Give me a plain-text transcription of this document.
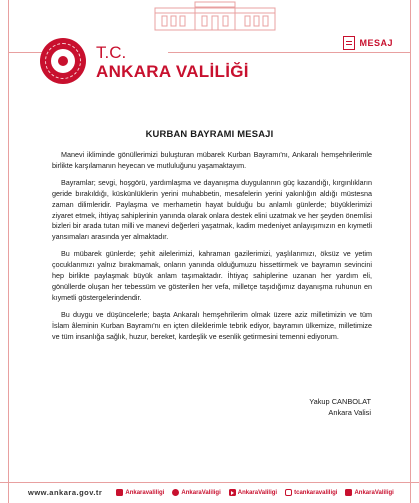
MESAJ
T.C.
ANKARA VALİLİĞİ
KURBAN BAYRAMI MESAJI

Manevi ikliminde gönüllerimizi buluşturan mübarek Kurban Bayramı'nı, Ankaralı hemşehrilerimle birlikte karşılamanın heyecan ve mutluluğunu yaşamaktayım.

Bayramlar; sevgi, hoşgörü, yardımlaşma ve dayanışma duygularının güç kazandığı, kırgınlıkların geride bırakıldığı, küskünlüklerin yerini muhabbetin, mesafelerin yerini yakınlığın aldığı müstesna zaman dilimleridir. Paylaşma ve merhametin hayat bulduğu bu anlamlı günlerde; büyüklerimizi ziyaret etmek, ihtiyaç sahiplerinin yanında olarak onlara destek elini uzatmak ve her şeyden önemlisi bizleri bir arada tutan milli ve manevi değerleri yaşatmak, kadim medeniyet anlayışımızın en kıymetli yansımaları arasında yer almaktadır.

Bu mübarek günlerde; şehit ailelerimizi, kahraman gazilerimizi, yaşlılarımızı, öksüz ve yetim çocuklarımızı yalnız bırakmamak, onların yanında olduğumuzu hissettirmek ve bayramın sevincini hep birlikte paylaşmak büyük anlam taşımaktadır. İhtiyaç sahiplerine uzanan her yardım eli, gönüllerde oluşan her tebessüm ve gösterilen her vefa, milletçe taşıdığımız dayanışma ruhunun en kıymetli göstergelerindendir.

Bu duygu ve düşüncelerle; başta Ankaralı hemşehrilerim olmak üzere aziz milletimizin ve tüm İslam âleminin Kurban Bayramı'nı en içten dileklerimle tebrik ediyor, bayramın ülkemize, milletimize ve tüm insanlığa sağlık, huzur, bereket, kardeşlik ve esenlik getirmesini temenni ediyorum.

Yakup CANBOLAT
Ankara Valisi
www.ankara.gov.tr	Ankaravaliligi	AnkaraValiligi	AnkaraValiligi	tcankaravaliligi	AnkaraValiligi
